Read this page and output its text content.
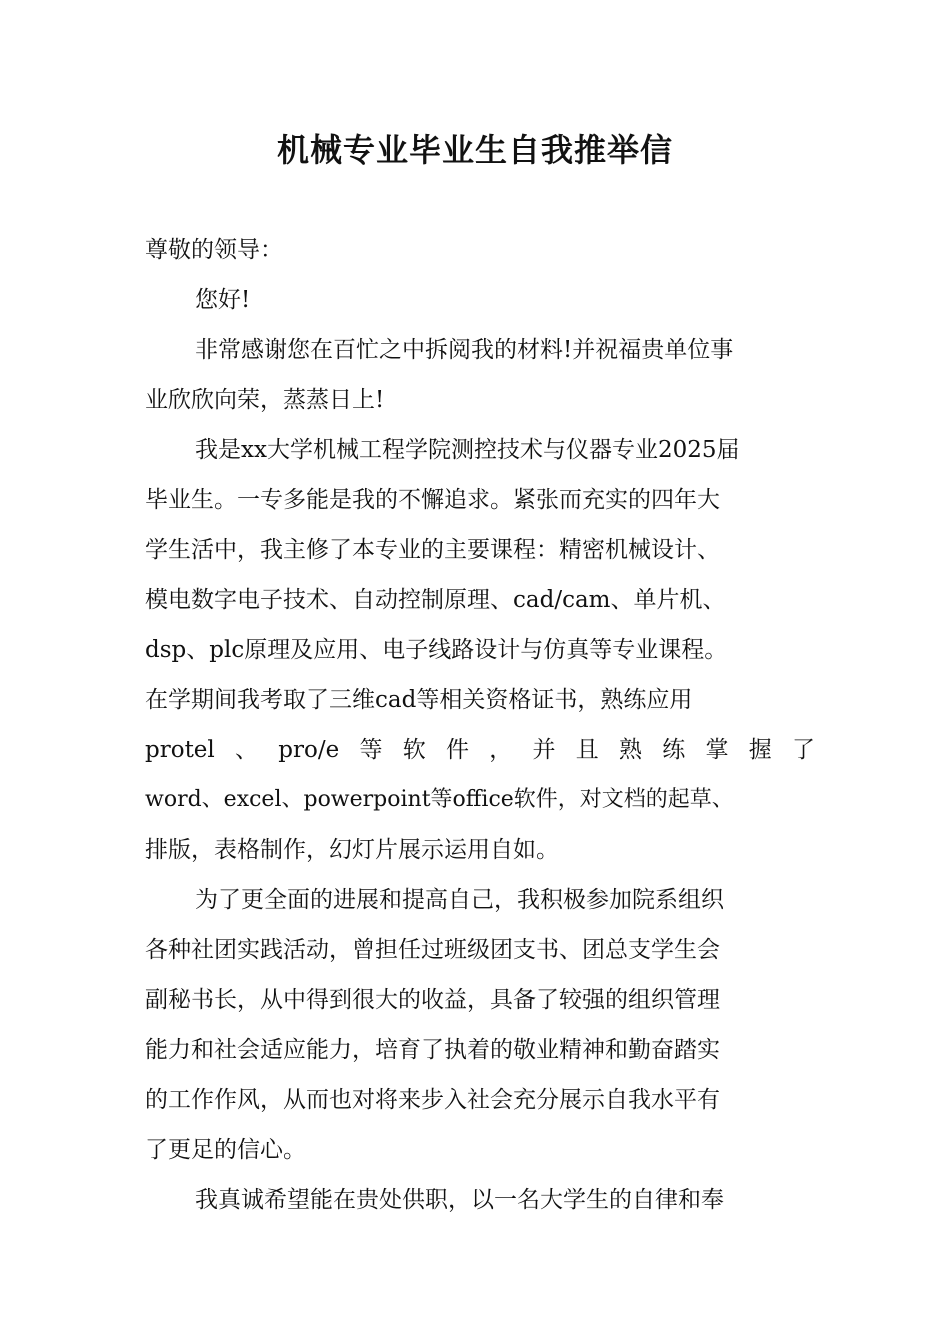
机械专业毕业生自我推举信
尊敬的领导：
您好!
非常感谢您在百忙之中拆阅我的材料!并祝福贵单位事
业欣欣向荣，蒸蒸日上!
我是xx大学机械工程学院测控技术与仪器专业2025届
毕业生。一专多能是我的不懈追求。紧张而充实的四年大
学生活中，我主修了本专业的主要课程：精密机械设计、
模电数字电子技术、自动控制原理、cad/cam、单片机、
dsp、plc原理及应用、电子线路设计与仿真等专业课程。
在学期间我考取了三维cad等相关资格证书，熟练应用
protel 、 pro/e 等 软 件 ， 并 且 熟 练 掌 握 了
word、excel、powerpoint等office软件，对文档的起草、
排版，表格制作，幻灯片展示运用自如。
为了更全面的进展和提高自己，我积极参加院系组织
各种社团实践活动，曾担任过班级团支书、团总支学生会
副秘书长，从中得到很大的收益，具备了较强的组织管理
能力和社会适应能力，培育了执着的敬业精神和勤奋踏实
的工作作风，从而也对将来步入社会充分展示自我水平有
了更足的信心。
我真诚希望能在贵处供职，以一名大学生的自律和奉
